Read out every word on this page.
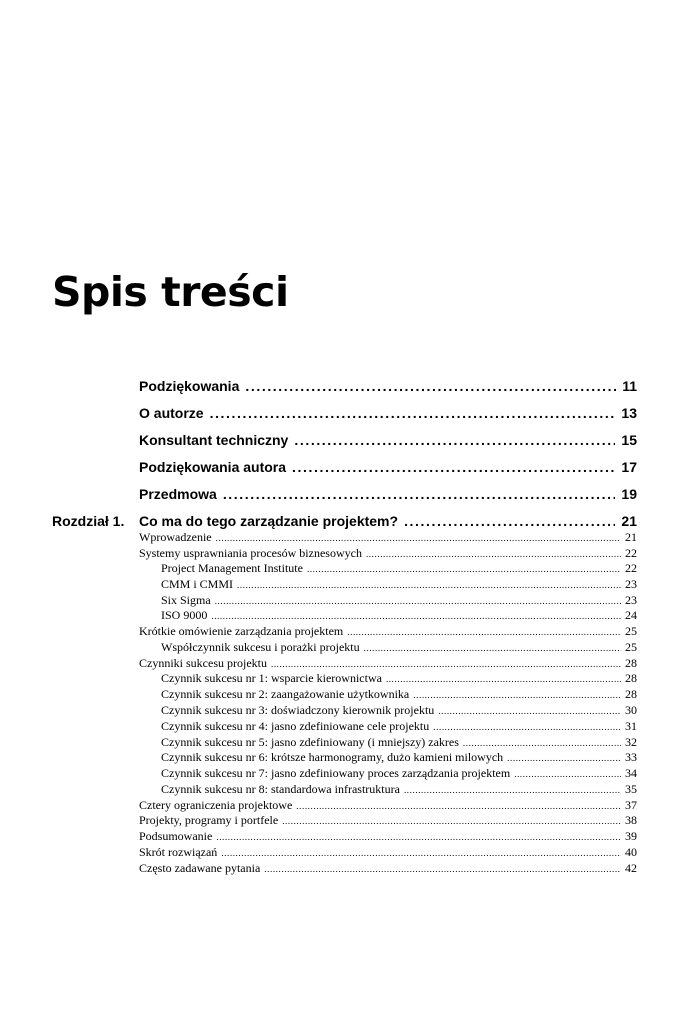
Spis treści
Podziękowania .....	11
O autorze .....	13
Konsultant techniczny .....	15
Podziękowania autora .....	17
Przedmowa .....	19
Rozdział 1. Co ma do tego zarządzanie projektem? .....	21
Wprowadzenie .....	21
Systemy usprawniania procesów biznesowych .....	22
Project Management Institute .....	22
CMM i CMMI .....	23
Six Sigma .....	23
ISO 9000 .....	24
Krótkie omówienie zarządzania projektem .....	25
Współczynnik sukcesu i porażki projektu .....	25
Czynniki sukcesu projektu .....	28
Czynnik sukcesu nr 1: wsparcie kierownictwa .....	28
Czynnik sukcesu nr 2: zaangażowanie użytkownika .....	28
Czynnik sukcesu nr 3: doświadczony kierownik projektu .....	30
Czynnik sukcesu nr 4: jasno zdefiniowane cele projektu .....	31
Czynnik sukcesu nr 5: jasno zdefiniowany (i mniejszy) zakres .....	32
Czynnik sukcesu nr 6: krótsze harmonogramy, dużo kamieni milowych .....	33
Czynnik sukcesu nr 7: jasno zdefiniowany proces zarządzania projektem .....	34
Czynnik sukcesu nr 8: standardowa infrastruktura .....	35
Cztery ograniczenia projektowe .....	37
Projekty, programy i portfele .....	38
Podsumowanie .....	39
Skrót rozwiązań .....	40
Często zadawane pytania .....	42
